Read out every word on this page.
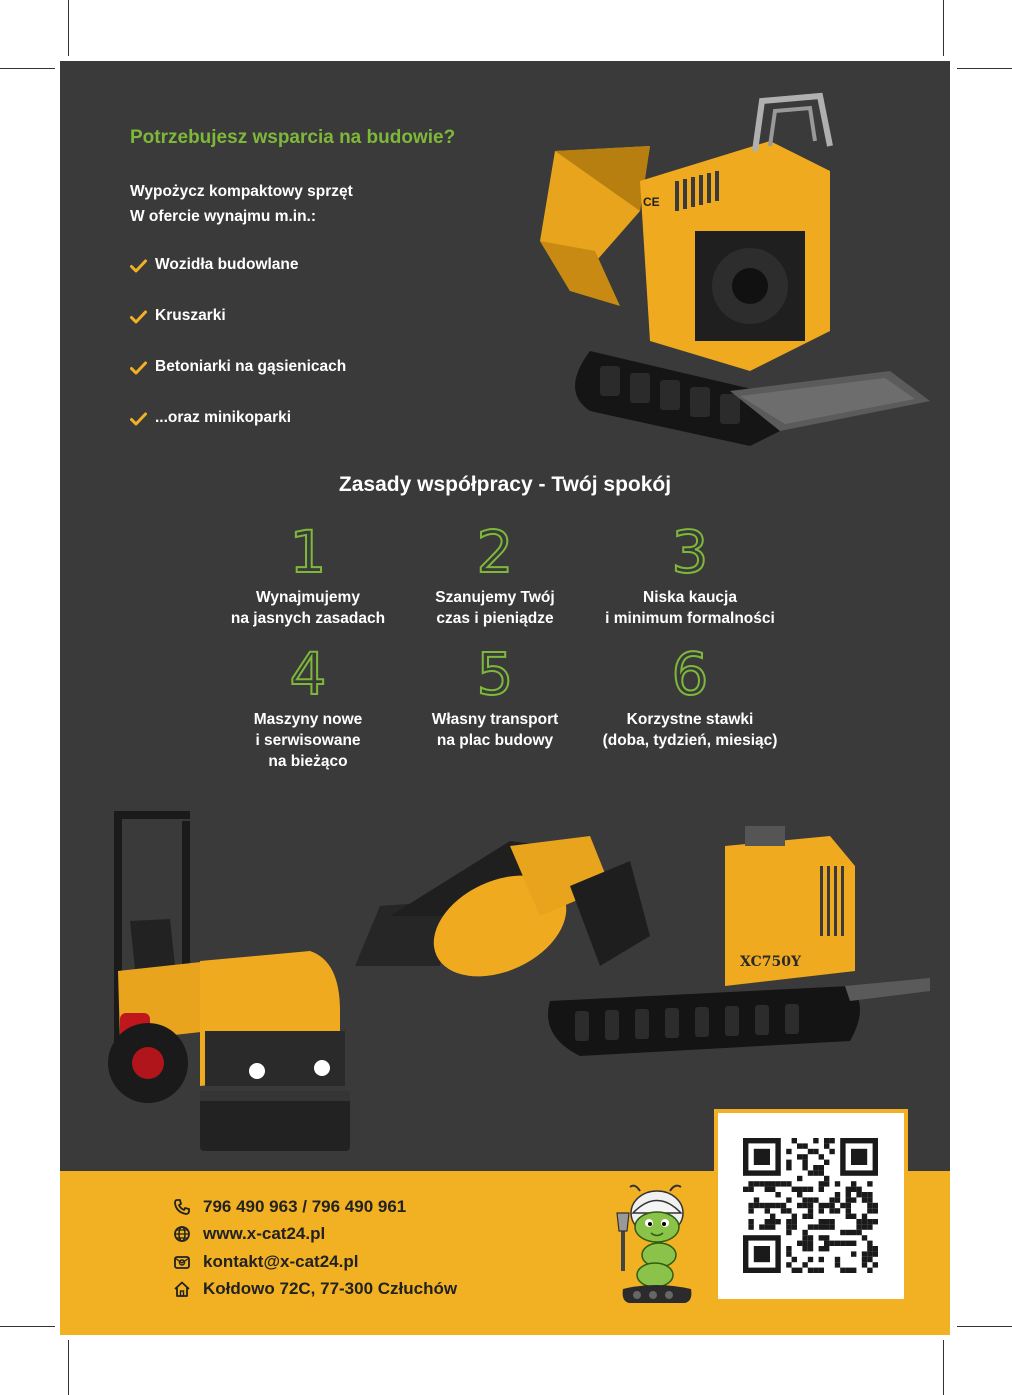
Potrzebujesz wsparcia na budowie?
Wypożycz kompaktowy sprzęt
W ofercie wynajmu m.in.:
Wozidła budowlane
Kruszarki
Betoniarki na gąsienicach
...oraz minikoparki
CE
Zasady współpracy - Twój spokój
1
Wynajmujemy
na jasnych zasadach
2
Szanujemy Twój
czas i pieniądze
3
Niska kaucja
i minimum formalności
4
Maszyny nowe
i serwisowane
na bieżąco
5
Własny transport
na plac budowy
6
Korzystne stawki
(doba, tydzień, miesiąc)
XC750Y
796 490 963 / 796 490 961
www.x-cat24.pl
kontakt@x-cat24.pl
Kołdowo 72C, 77-300 Człuchów
